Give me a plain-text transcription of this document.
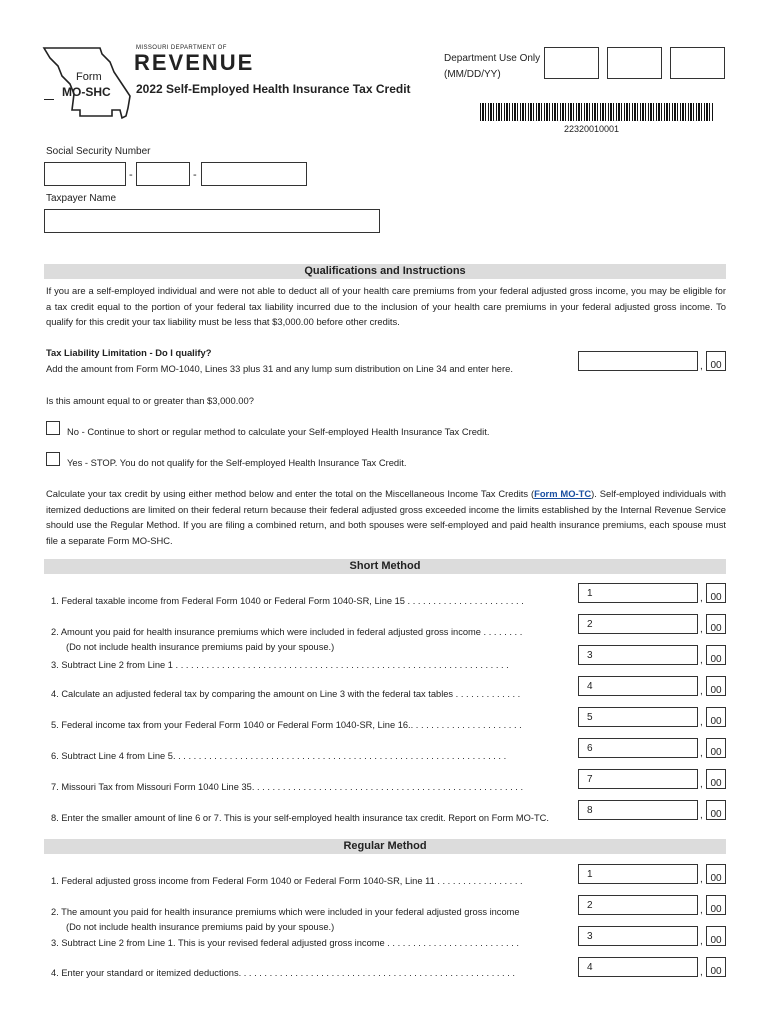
Form
MO-SHC
MISSOURI DEPARTMENT OF
REVENUE
2022 Self-Employed Health Insurance Tax Credit
Department Use Only
(MM/DD/YY)
22320010001
Social Security Number
-	-
Taxpayer Name
Qualifications and Instructions
If you are a self-employed individual and were not able to deduct all of your health care premiums from your federal adjusted gross income, you may be eligible for a tax credit equal to the portion of your federal tax liability incurred due to the inclusion of your health care premiums in your federal adjusted gross income. To qualify for this credit your tax liability must be less that $3,000.00 before other credits.
Tax Liability Limitation - Do I qualify?
Add the amount from Form MO-1040, Lines 33 plus 31 and any lump sum distribution on Line 34 and enter here.	, 00
Is this amount equal to or greater than $3,000.00?
No - Continue to short or regular method to calculate your Self-employed Health Insurance Tax Credit.
Yes - STOP. You do not qualify for the Self-employed Health Insurance Tax Credit.
Calculate your tax credit by using either method below and enter the total on the Miscellaneous Income Tax Credits (Form MO-TC). Self-employed individuals with itemized deductions are limited on their federal return because their federal adjusted gross exceeded income the limits established by the Internal Revenue Service should use the Regular Method. If you are filing a combined return, and both spouses were self-employed and paid health insurance premiums, each spouse must file a separate Form MO-SHC.
Short Method
1. Federal taxable income from Federal Form 1040 or Federal Form 1040-SR, Line 15 . . . . . . . . . . . . . . . . . . . . . . .
1	, 00
2. Amount you paid for health insurance premiums which were included in federal adjusted gross income . . . . . . . .
(Do not include health insurance premiums paid by your spouse.)
2	, 00
3. Subtract Line 2 from Line 1 . . . . . . . . . . . . . . . . . . . . . . . . . . . . . . . . . . . . . . . . . . . . . . . . . . . . . . . . . . . . . . . . .
3	, 00
4. Calculate an adjusted federal tax by comparing the amount on Line 3 with the federal tax tables . . . . . . . . . . . . .
4	, 00
5. Federal income tax from your Federal Form 1040 or Federal Form 1040-SR, Line 16.. . . . . . . . . . . . . . . . . . . . . .
5	, 00
6. Subtract Line 4 from Line 5. . . . . . . . . . . . . . . . . . . . . . . . . . . . . . . . . . . . . . . . . . . . . . . . . . . . . . . . . . . . . . . . .
6	, 00
7. Missouri Tax from Missouri Form 1040 Line 35. . . . . . . . . . . . . . . . . . . . . . . . . . . . . . . . . . . . . . . . . . . . . . . . . . . . .
7	, 00
8. Enter the smaller amount of line 6 or 7. This is your self-employed health insurance tax credit. Report on Form MO-TC.
8	, 00
Regular Method
1. Federal adjusted gross income from Federal Form 1040 or Federal Form 1040-SR, Line 11 . . . . . . . . . . . . . . . . .
1	, 00
2. The amount you paid for health insurance premiums which were included in your federal adjusted gross income
(Do not include health insurance premiums paid by your spouse.)
2	, 00
3. Subtract Line 2 from Line 1. This is your revised federal adjusted gross income . . . . . . . . . . . . . . . . . . . . . . . . . .
3	, 00
4. Enter your standard or itemized deductions. . . . . . . . . . . . . . . . . . . . . . . . . . . . . . . . . . . . . . . . . . . . . . . . . . . . . .	4	, 00
